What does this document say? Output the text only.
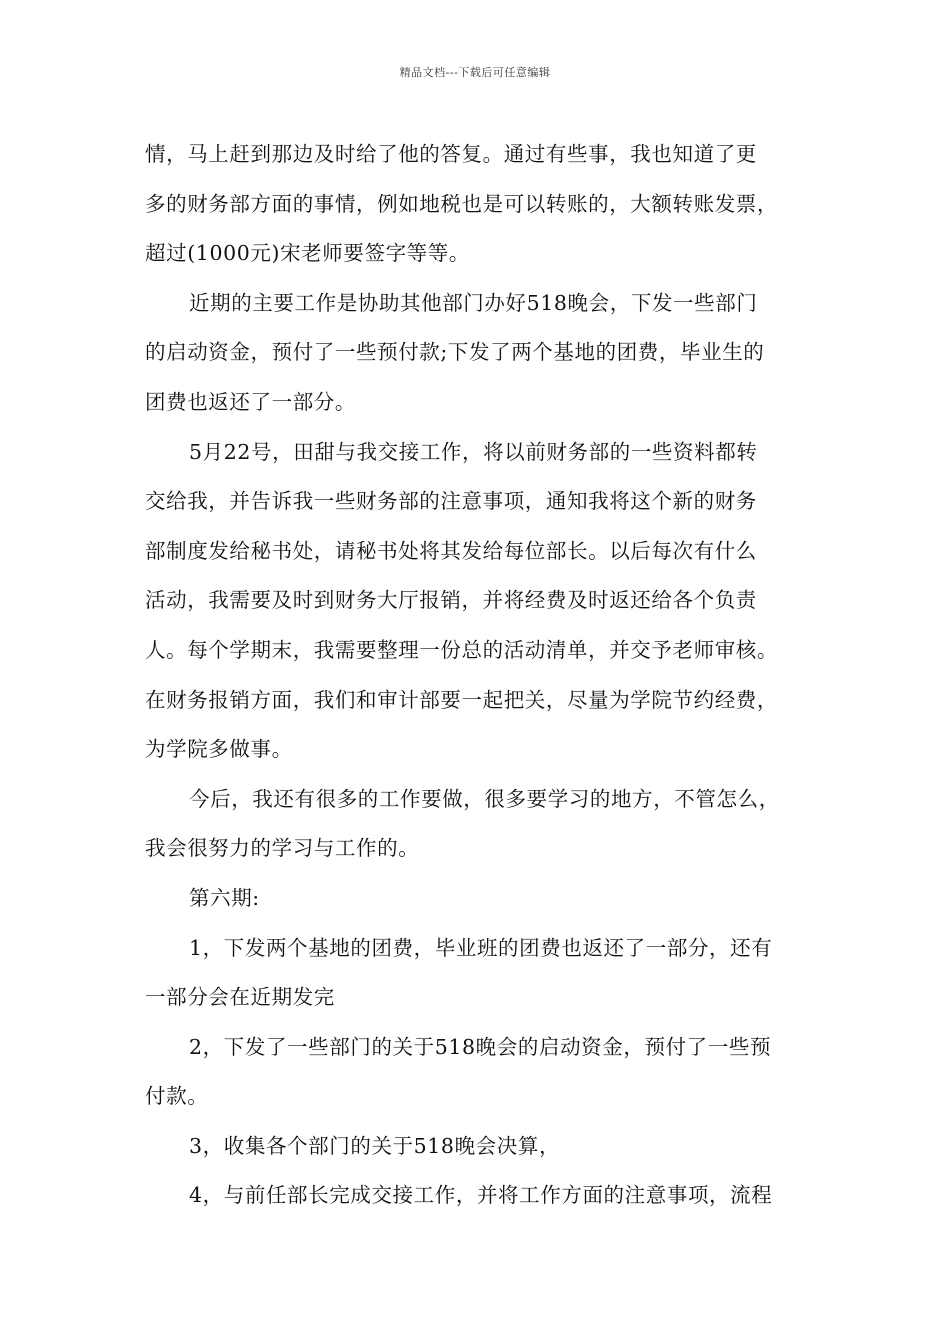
精品文档---下载后可任意编辑
情，马上赶到那边及时给了他的答复。通过有些事，我也知道了更
多的财务部方面的事情，例如地税也是可以转账的，大额转账发票，
超过(1000元)宋老师要签字等等。
近期的主要工作是协助其他部门办好518晚会，下发一些部门
的启动资金，预付了一些预付款;下发了两个基地的团费，毕业生的
团费也返还了一部分。
5月22号，田甜与我交接工作，将以前财务部的一些资料都转
交给我，并告诉我一些财务部的注意事项，通知我将这个新的财务
部制度发给秘书处，请秘书处将其发给每位部长。以后每次有什么
活动，我需要及时到财务大厅报销，并将经费及时返还给各个负责
人。每个学期末，我需要整理一份总的活动清单，并交予老师审核。
在财务报销方面，我们和审计部要一起把关，尽量为学院节约经费，
为学院多做事。
今后，我还有很多的工作要做，很多要学习的地方，不管怎么，
我会很努力的学习与工作的。
第六期:
1，下发两个基地的团费，毕业班的团费也返还了一部分，还有
一部分会在近期发完
2，下发了一些部门的关于518晚会的启动资金，预付了一些预
付款。
3，收集各个部门的关于518晚会决算，
4，与前任部长完成交接工作，并将工作方面的注意事项，流程
